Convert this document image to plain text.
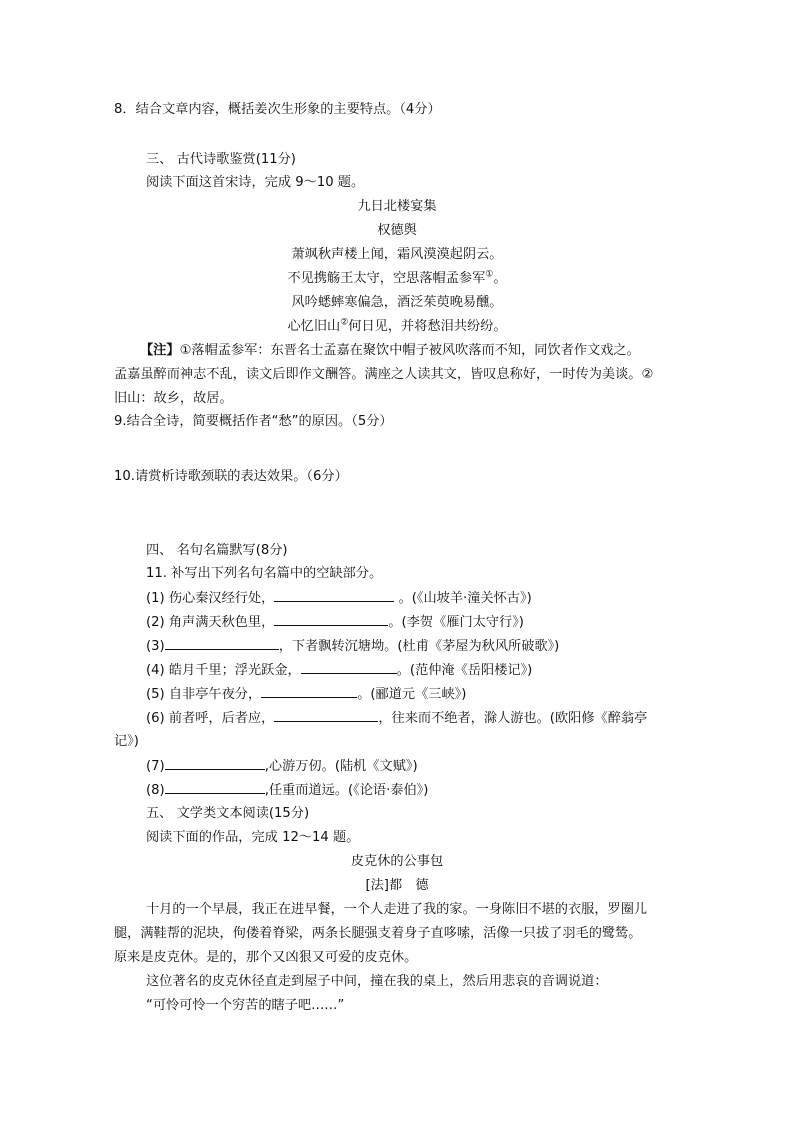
8．结合文章内容，概括姜次生形象的主要特点。（4分）
三、 古代诗歌鉴赏(11分)
阅读下面这首宋诗，完成 9～10 题。
九日北楼宴集
权德舆
萧飒秋声楼上闻，霜风漠漠起阴云。
不见携觞王太守，空思落帽孟参军①。
风吟蟋蟀寒偏急，酒泛茱萸晚易醺。
心忆旧山②何日见，并将愁泪共纷纷。
【注】①落帽孟参军：东晋名士孟嘉在聚饮中帽子被风吹落而不知，同饮者作文戏之。
孟嘉虽醉而神志不乱，读文后即作文酬答。满座之人读其文，皆叹息称好，一时传为美谈。②
旧山：故乡，故居。
9.结合全诗，简要概括作者“愁”的原因。（5分）
10.请赏析诗歌颈联的表达效果。（6分）
四、 名句名篇默写(8分)
11. 补写出下列名句名篇中的空缺部分。
(1) 伤心秦汉经行处，	。(《山坡羊·潼关怀古》)
(2) 角声满天秋色里，	。(李贺《雁门太守行》)
(3)	，下者飘转沉塘坳。(杜甫《茅屋为秋风所破歌》)
(4) 皓月千里；浮光跃金，	。(范仲淹《岳阳楼记》)
(5) 自非亭午夜分，	。(郦道元《三峡》)
(6) 前者呼，后者应，	，往来而不绝者，滁人游也。(欧阳修《醉翁亭
记》)
(7)	,心游万仞。(陆机《文赋》)
(8)	,任重而道远。(《论语·泰伯》)
五、 文学类文本阅读(15分)
阅读下面的作品，完成 12～14 题。
皮克休的公事包
[法]都　德
十月的一个早晨，我正在进早餐，一个人走进了我的家。一身陈旧不堪的衣服，罗圈儿
腿，满鞋帮的泥块，佝偻着脊梁，两条长腿强支着身子直哆嗦，活像一只拔了羽毛的鹭鸶。
原来是皮克休。是的，那个又凶狠又可爱的皮克休。
这位著名的皮克休径直走到屋子中间，撞在我的桌上，然后用悲哀的音调说道：
“可怜可怜一个穷苦的瞎子吧……”
